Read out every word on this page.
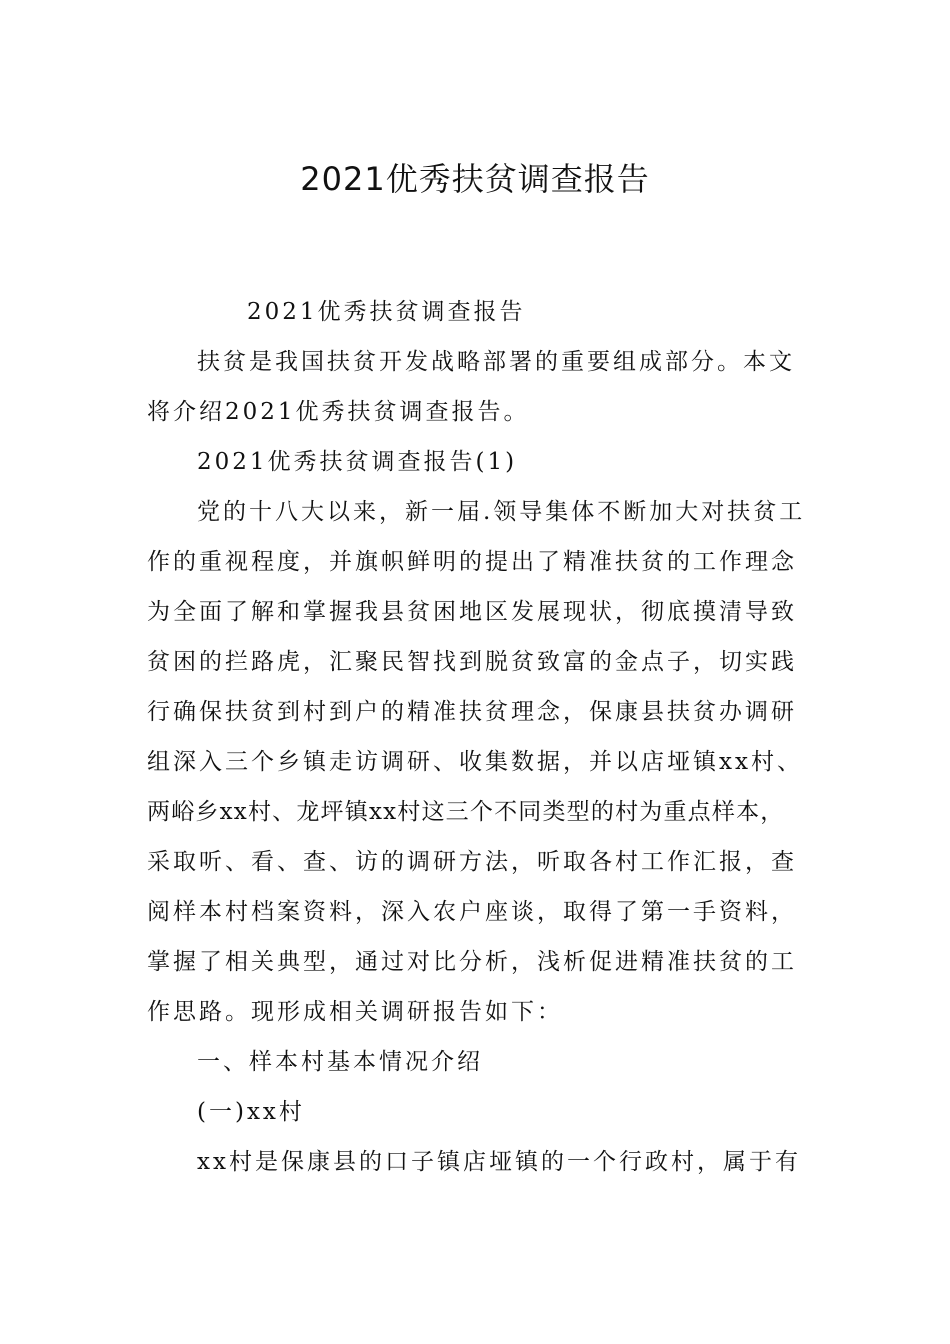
2021优秀扶贫调查报告
2021优秀扶贫调查报告
扶贫是我国扶贫开发战略部署的重要组成部分。本文
将介绍2021优秀扶贫调查报告。
2021优秀扶贫调查报告(1)
党的十八大以来，新一届.领导集体不断加大对扶贫工
作的重视程度，并旗帜鲜明的提出了精准扶贫的工作理念
为全面了解和掌握我县贫困地区发展现状，彻底摸清导致
贫困的拦路虎，汇聚民智找到脱贫致富的金点子，切实践
行确保扶贫到村到户的精准扶贫理念，保康县扶贫办调研
组深入三个乡镇走访调研、收集数据，并以店垭镇xx村、
两峪乡xx村、龙坪镇xx村这三个不同类型的村为重点样本，
采取听、看、查、访的调研方法，听取各村工作汇报，查
阅样本村档案资料，深入农户座谈，取得了第一手资料，
掌握了相关典型，通过对比分析，浅析促进精准扶贫的工
作思路。现形成相关调研报告如下：
一、样本村基本情况介绍
(一)xx村
xx村是保康县的口子镇店垭镇的一个行政村，属于有
